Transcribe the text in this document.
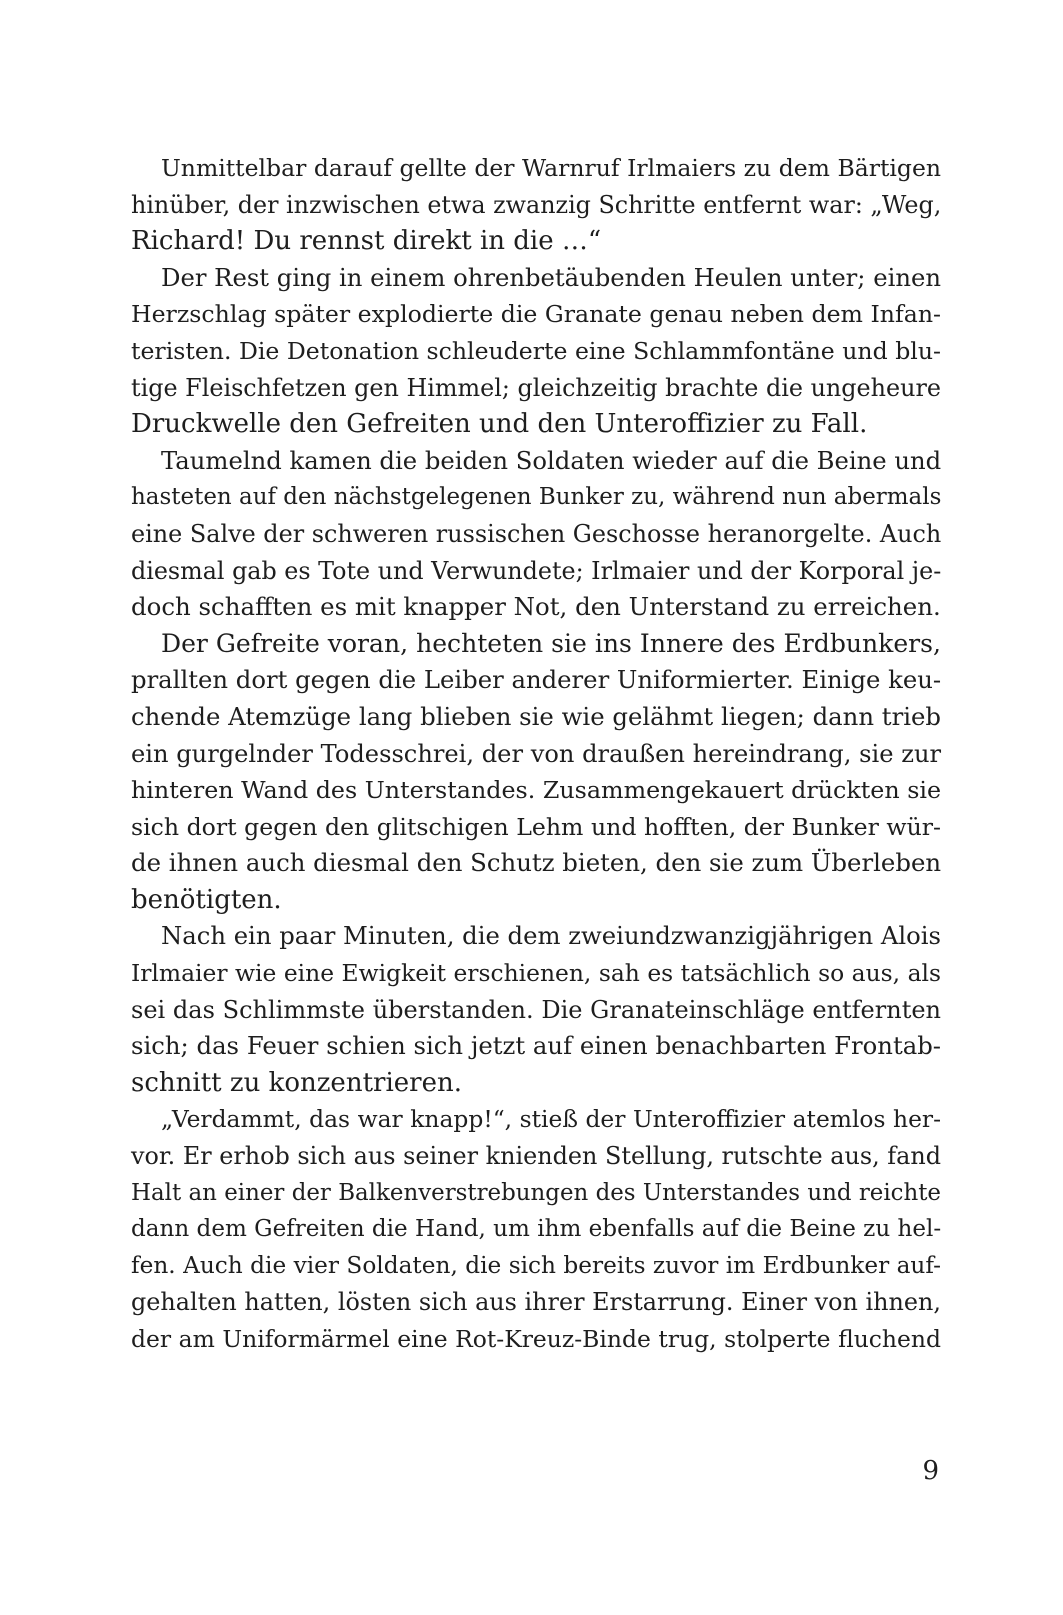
Unmittelbar darauf gellte der Warnruf Irlmaiers zu dem Bärtigen
hinüber, der inzwischen etwa zwanzig Schritte entfernt war: „Weg,
Richard! Du rennst direkt in die …“
Der Rest ging in einem ohrenbetäubenden Heulen unter; einen
Herzschlag später explodierte die Granate genau neben dem Infan-
teristen. Die Detonation schleuderte eine Schlammfontäne und blu-
tige Fleischfetzen gen Himmel; gleichzeitig brachte die ungeheure
Druckwelle den Gefreiten und den Unteroffizier zu Fall.
Taumelnd kamen die beiden Soldaten wieder auf die Beine und
hasteten auf den nächstgelegenen Bunker zu, während nun abermals
eine Salve der schweren russischen Geschosse heranorgelte. Auch
diesmal gab es Tote und Verwundete; Irlmaier und der Korporal je-
doch schafften es mit knapper Not, den Unterstand zu erreichen.
Der Gefreite voran, hechteten sie ins Innere des Erdbunkers,
prallten dort gegen die Leiber anderer Uniformierter. Einige keu-
chende Atemzüge lang blieben sie wie gelähmt liegen; dann trieb
ein gurgelnder Todesschrei, der von draußen hereindrang, sie zur
hinteren Wand des Unterstandes. Zusammengekauert drückten sie
sich dort gegen den glitschigen Lehm und hofften, der Bunker wür-
de ihnen auch diesmal den Schutz bieten, den sie zum Überleben
benötigten.
Nach ein paar Minuten, die dem zweiundzwanzigjährigen Alois
Irlmaier wie eine Ewigkeit erschienen, sah es tatsächlich so aus, als
sei das Schlimmste überstanden. Die Granateinschläge entfernten
sich; das Feuer schien sich jetzt auf einen benachbarten Frontab-
schnitt zu konzentrieren.
„Verdammt, das war knapp!“, stieß der Unteroffizier atemlos her-
vor. Er erhob sich aus seiner knienden Stellung, rutschte aus, fand
Halt an einer der Balkenverstrebungen des Unterstandes und reichte
dann dem Gefreiten die Hand, um ihm ebenfalls auf die Beine zu hel-
fen. Auch die vier Soldaten, die sich bereits zuvor im Erdbunker auf-
gehalten hatten, lösten sich aus ihrer Erstarrung. Einer von ihnen,
der am Uniformärmel eine Rot-Kreuz-Binde trug, stolperte fluchend
9
